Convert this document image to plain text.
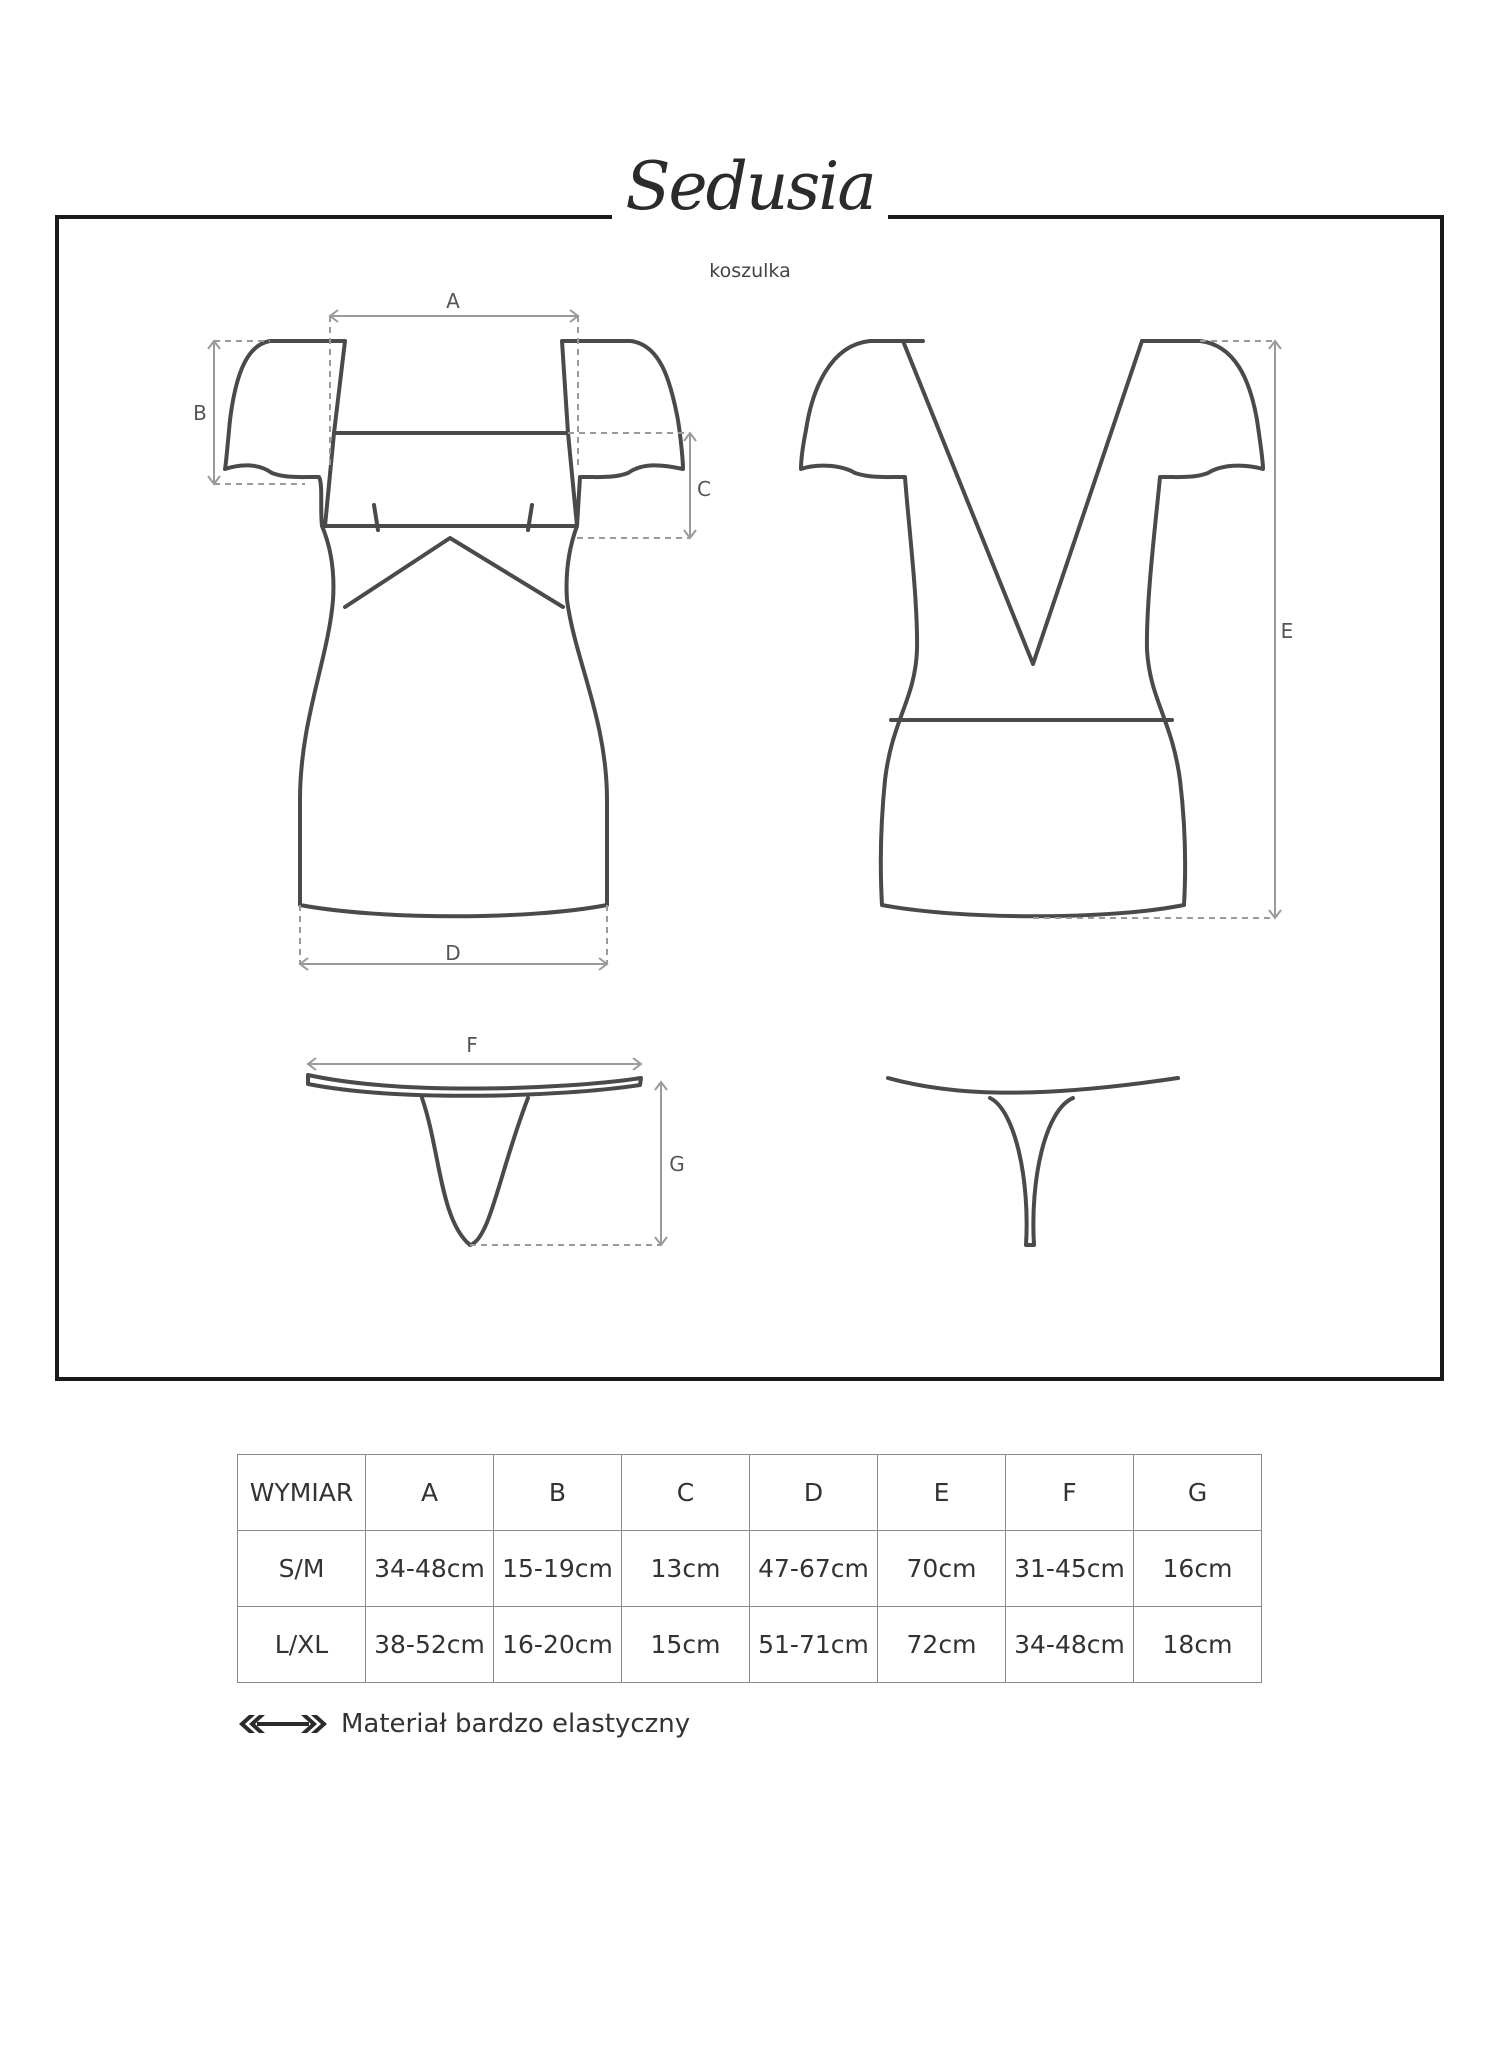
Sedusia
koszulka
A
B
C
D
E
F
G
WYMIAR	A	B	C	D	E	F	G
S/M	34-48cm	15-19cm	13cm	47-67cm	70cm	31-45cm	16cm
L/XL	38-52cm	16-20cm	15cm	51-71cm	72cm	34-48cm	18cm
Materiał bardzo elastyczny
